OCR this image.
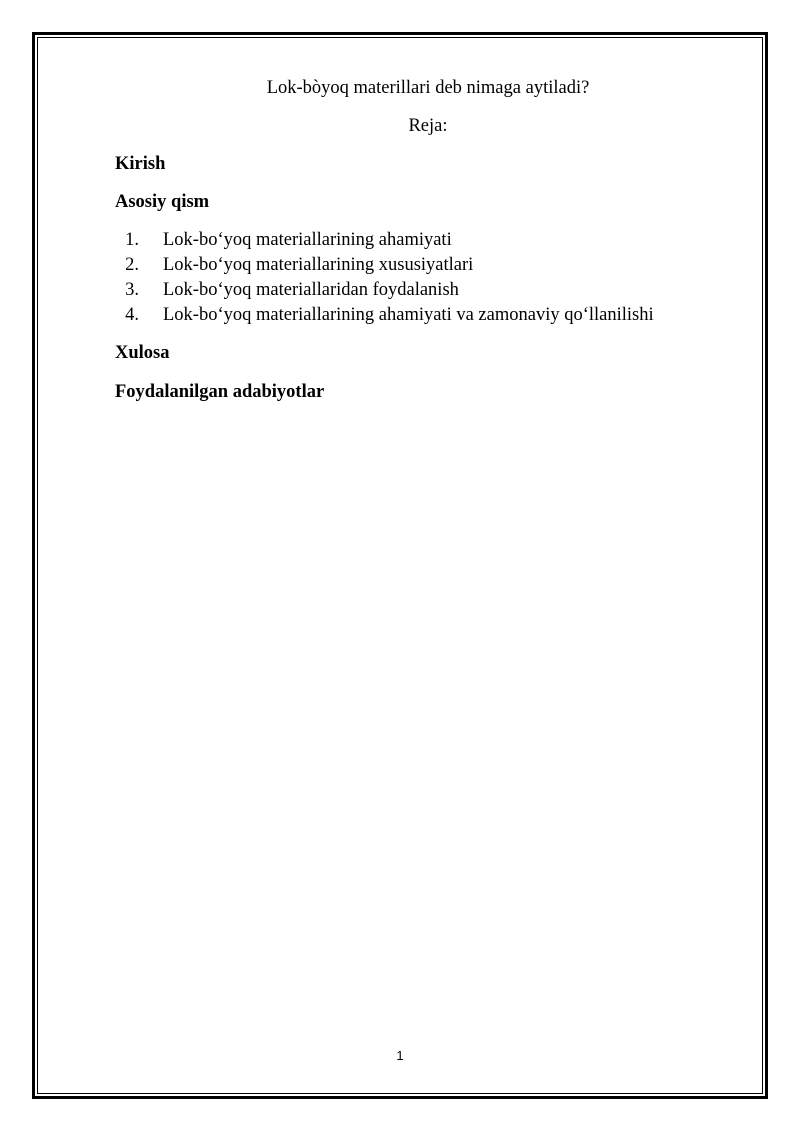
Lok-bòyoq materillari deb nimaga aytiladi?

Reja:

Kirish

Asosiy qism

1. Lok-bo‘yoq materiallarining ahamiyati
2. Lok-bo‘yoq materiallarining xususiyatlari
3. Lok-bo‘yoq materiallaridan foydalanish
4. Lok-bo‘yoq materiallarining ahamiyati va zamonaviy qo‘llanilishi

Xulosa

Foydalanilgan adabiyotlar

1
